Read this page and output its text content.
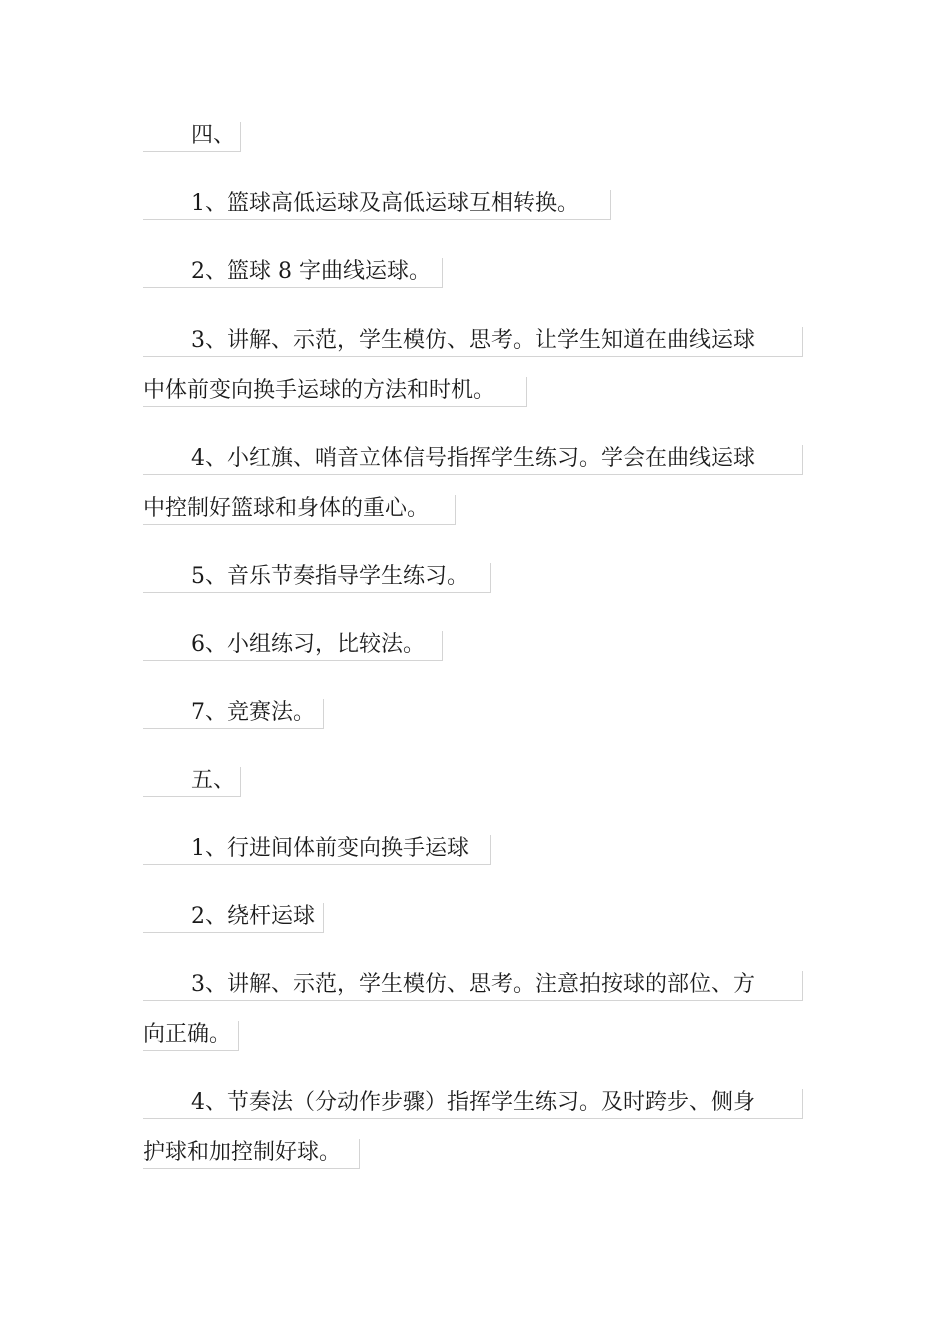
四、
1、篮球高低运球及高低运球互相转换。
2、篮球 8 字曲线运球。
3、讲解、示范，学生模仿、思考。让学生知道在曲线运球
中体前变向换手运球的方法和时机。
4、小红旗、哨音立体信号指挥学生练习。学会在曲线运球
中控制好篮球和身体的重心。
5、音乐节奏指导学生练习。
6、小组练习，比较法。
7、竞赛法。
五、
1、行进间体前变向换手运球
2、绕杆运球
3、讲解、示范，学生模仿、思考。注意拍按球的部位、方
向正确。
4、节奏法（分动作步骤）指挥学生练习。及时跨步、侧身
护球和加控制好球。
